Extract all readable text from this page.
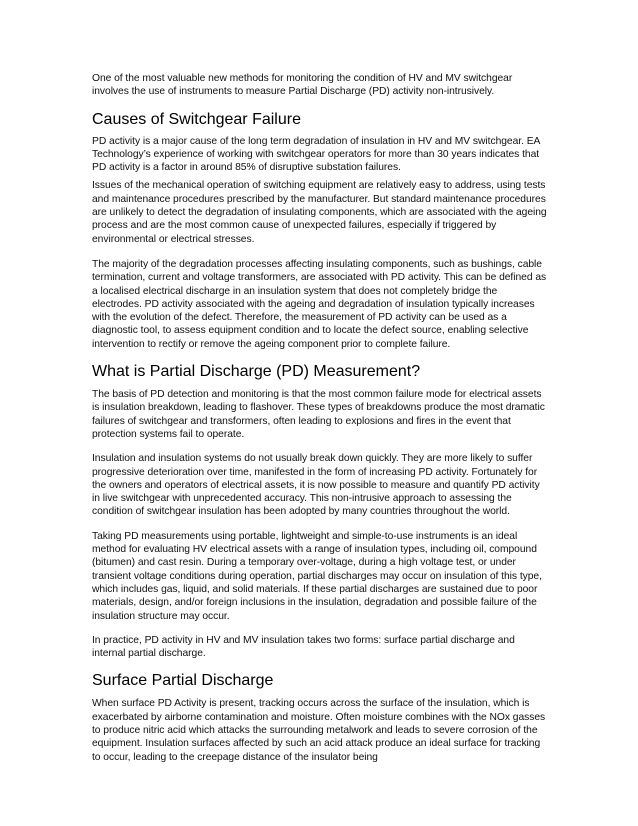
One of the most valuable new methods for monitoring the condition of HV and MV switchgear involves the use of instruments to measure Partial Discharge (PD) activity non-intrusively.

Causes of Switchgear Failure

PD activity is a major cause of the long term degradation of insulation in HV and MV switchgear. EA Technology’s experience of working with switchgear operators for more than 30 years indicates that PD activity is a factor in around 85% of disruptive substation failures.

Issues of the mechanical operation of switching equipment are relatively easy to address, using tests and maintenance procedures prescribed by the manufacturer. But standard maintenance procedures are unlikely to detect the degradation of insulating components, which are associated with the ageing process and are the most common cause of unexpected failures, especially if triggered by environmental or electrical stresses.

The majority of the degradation processes affecting insulating components, such as bushings, cable termination, current and voltage transformers, are associated with PD activity. This can be defined as a localised electrical discharge in an insulation system that does not completely bridge the electrodes. PD activity associated with the ageing and degradation of insulation typically increases with the evolution of the defect. Therefore, the measurement of PD activity can be used as a diagnostic tool, to assess equipment condition and to locate the defect source, enabling selective intervention to rectify or remove the ageing component prior to complete failure.

What is Partial Discharge (PD) Measurement?

The basis of PD detection and monitoring is that the most common failure mode for electrical assets is insulation breakdown, leading to flashover. These types of breakdowns produce the most dramatic failures of switchgear and transformers, often leading to explosions and fires in the event that protection systems fail to operate.

Insulation and insulation systems do not usually break down quickly. They are more likely to suffer progressive deterioration over time, manifested in the form of increasing PD activity. Fortunately for the owners and operators of electrical assets, it is now possible to measure and quantify PD activity in live switchgear with unprecedented accuracy. This non-intrusive approach to assessing the condition of switchgear insulation has been adopted by many countries throughout the world.

Taking PD measurements using portable, lightweight and simple-to-use instruments is an ideal method for evaluating HV electrical assets with a range of insulation types, including oil, compound (bitumen) and cast resin. During a temporary over-voltage, during a high voltage test, or under transient voltage conditions during operation, partial discharges may occur on insulation of this type, which includes gas, liquid, and solid materials. If these partial discharges are sustained due to poor materials, design, and/or foreign inclusions in the insulation, degradation and possible failure of the insulation structure may occur.

In practice, PD activity in HV and MV insulation takes two forms: surface partial discharge and internal partial discharge.

Surface Partial Discharge

When surface PD Activity is present, tracking occurs across the surface of the insulation, which is exacerbated by airborne contamination and moisture. Often moisture combines with the NOx gasses to produce nitric acid which attacks the surrounding metalwork and leads to severe corrosion of the equipment. Insulation surfaces affected by such an acid attack produce an ideal surface for tracking to occur, leading to the creepage distance of the insulator being
